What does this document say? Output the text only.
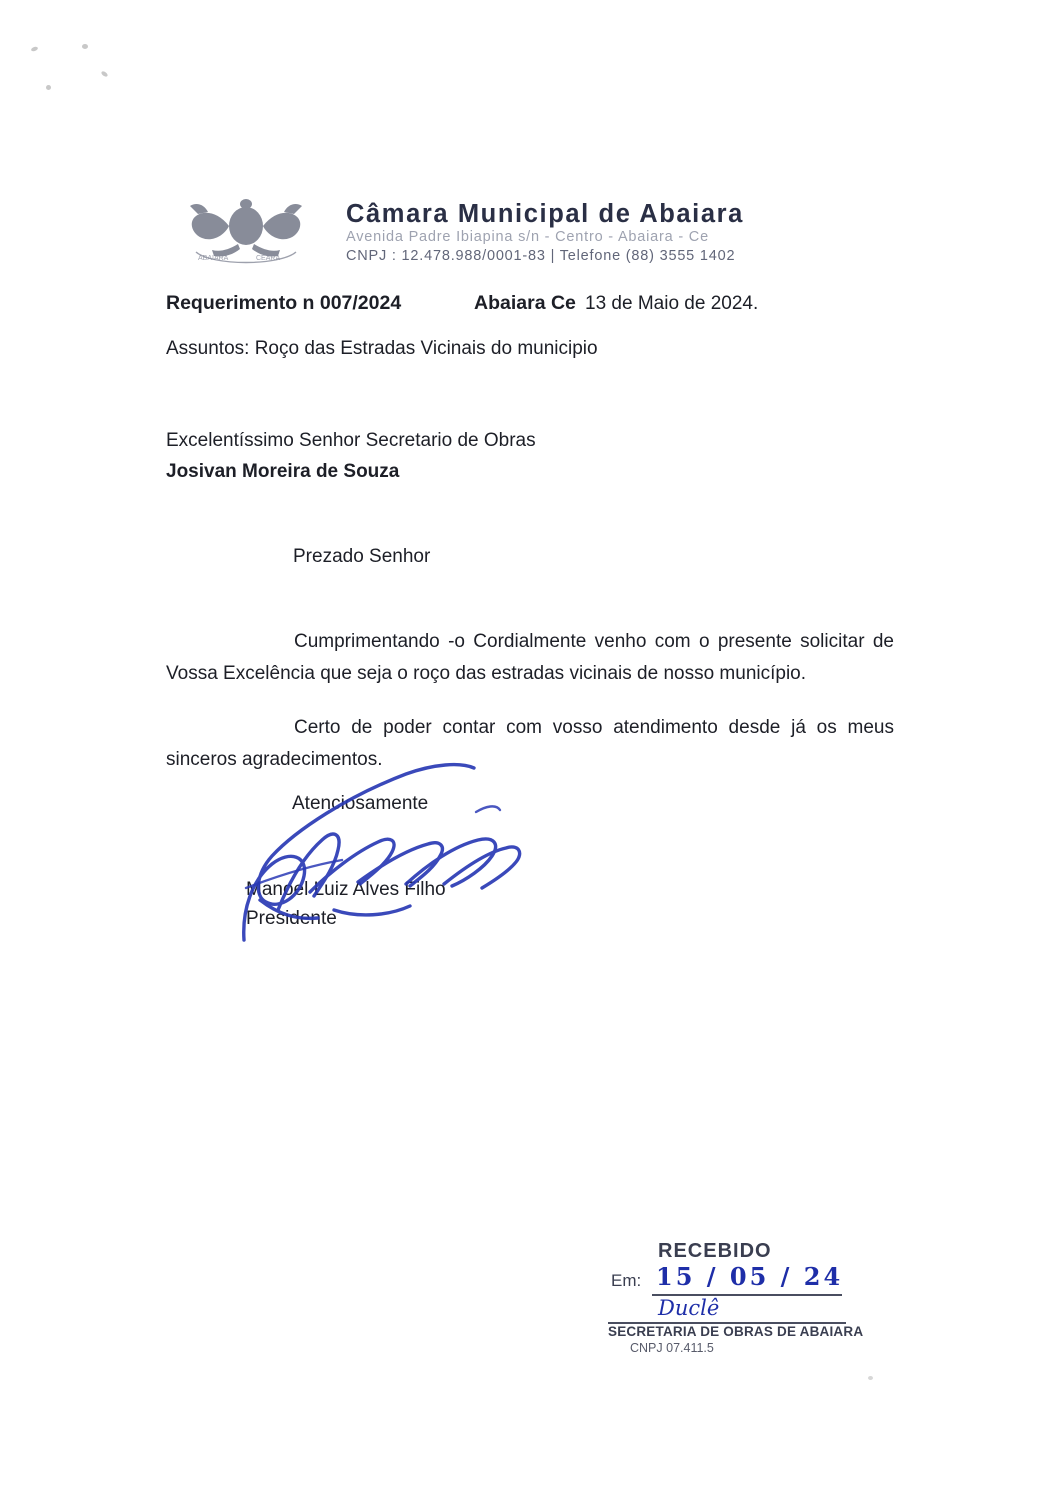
ABAIARA	CEARÁ
Câmara Municipal de Abaiara
Avenida Padre Ibiapina s/n - Centro - Abaiara - Ce
CNPJ : 12.478.988/0001-83 | Telefone (88) 3555 1402
Requerimento n 007/2024	Abaiara Ce 13 de Maio de 2024.
Assuntos: Roço das Estradas Vicinais do municipio
Excelentíssimo Senhor Secretario de Obras
Josivan Moreira de Souza
Prezado Senhor
Cumprimentando -o Cordialmente venho com o presente solicitar de Vossa Excelência que seja o roço das estradas vicinais de nosso município.
Certo de poder contar com vosso atendimento desde já os meus sinceros agradecimentos.
Atenciosamente
Manoel Luiz Alves Filho
Presidente
RECEBIDO
Em: 15 / 05 / 24
Duclê
SECRETARIA DE OBRAS DE ABAIARA
CNPJ 07.411.5
